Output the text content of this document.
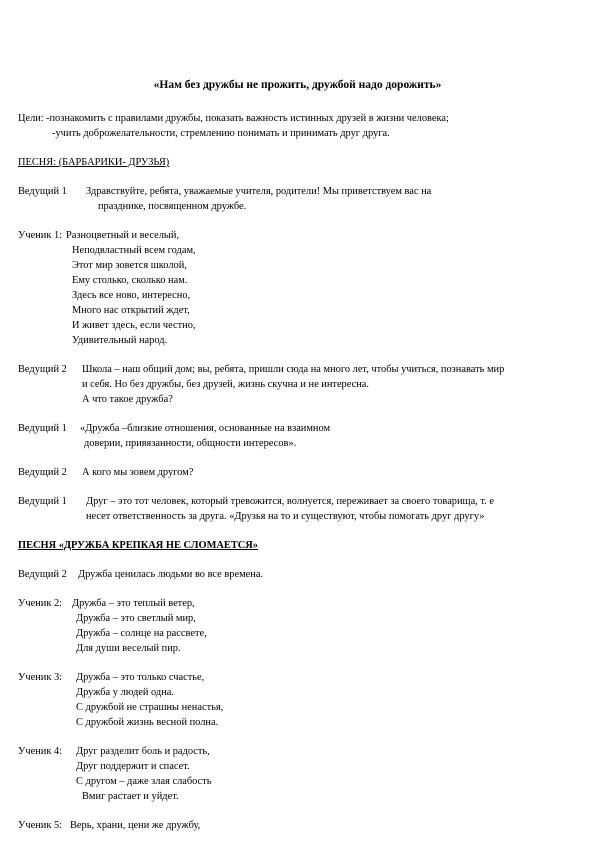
«Нам без дружбы не прожить, дружбой надо дорожить»
Цели: -познакомить с правилами дружбы, показать важность истинных друзей в жизни человека;
-учить доброжелательности, стремлению понимать и принимать друг друга.
ПЕСНЯ: (БАРБАРИКИ- ДРУЗЬЯ)
Ведущий 1 Здравствуйте, ребята, уважаемые учителя, родители! Мы приветствуем вас на
празднике, посвященном дружбе.
Ученик 1: Разноцветный и веселый,
Неподвластный всем годам,
Этот мир зовется школой,
Ему столько, сколько нам.
Здесь все ново, интересно,
Много нас открытий ждет,
И живет здесь, если честно,
Удивительный народ.
Ведущий 2 Школа – наш общий дом; вы, ребята, пришли сюда на много лет, чтобы учиться, познавать мир
и себя. Но без дружбы, без друзей, жизнь скучна и не интересна.
А что такое дружба?
Ведущий 1 «Дружба –близкие отношения, основанные на взаимном
доверии, привязанности, общности интересов».
Ведущий 2 А кого мы зовем другом?
Ведущий 1 Друг – это тот человек, который тревожится, волнуется, переживает за своего товарища, т. е
несет ответственность за друга. «Друзья на то и существуют, чтобы помогать друг другу»
ПЕСНЯ «ДРУЖБА КРЕПКАЯ НЕ СЛОМАЕТСЯ»
Ведущий 2 Дружба ценилась людьми во все времена.
Ученик 2: Дружба – это теплый ветер,
Дружба – это светлый мир,
Дружба – солнце на рассвете,
Для души веселый пир.
Ученик 3: Дружба – это только счастье,
Дружба у людей одна.
С дружбой не страшны ненастья,
С дружбой жизнь весной полна.
Ученик 4: Друг разделит боль и радость,
Друг поддержит и спасет.
С другом – даже злая слабость
Вмиг растает и уйдет.
Ученик 5: Верь, храни, цени же дружбу,
